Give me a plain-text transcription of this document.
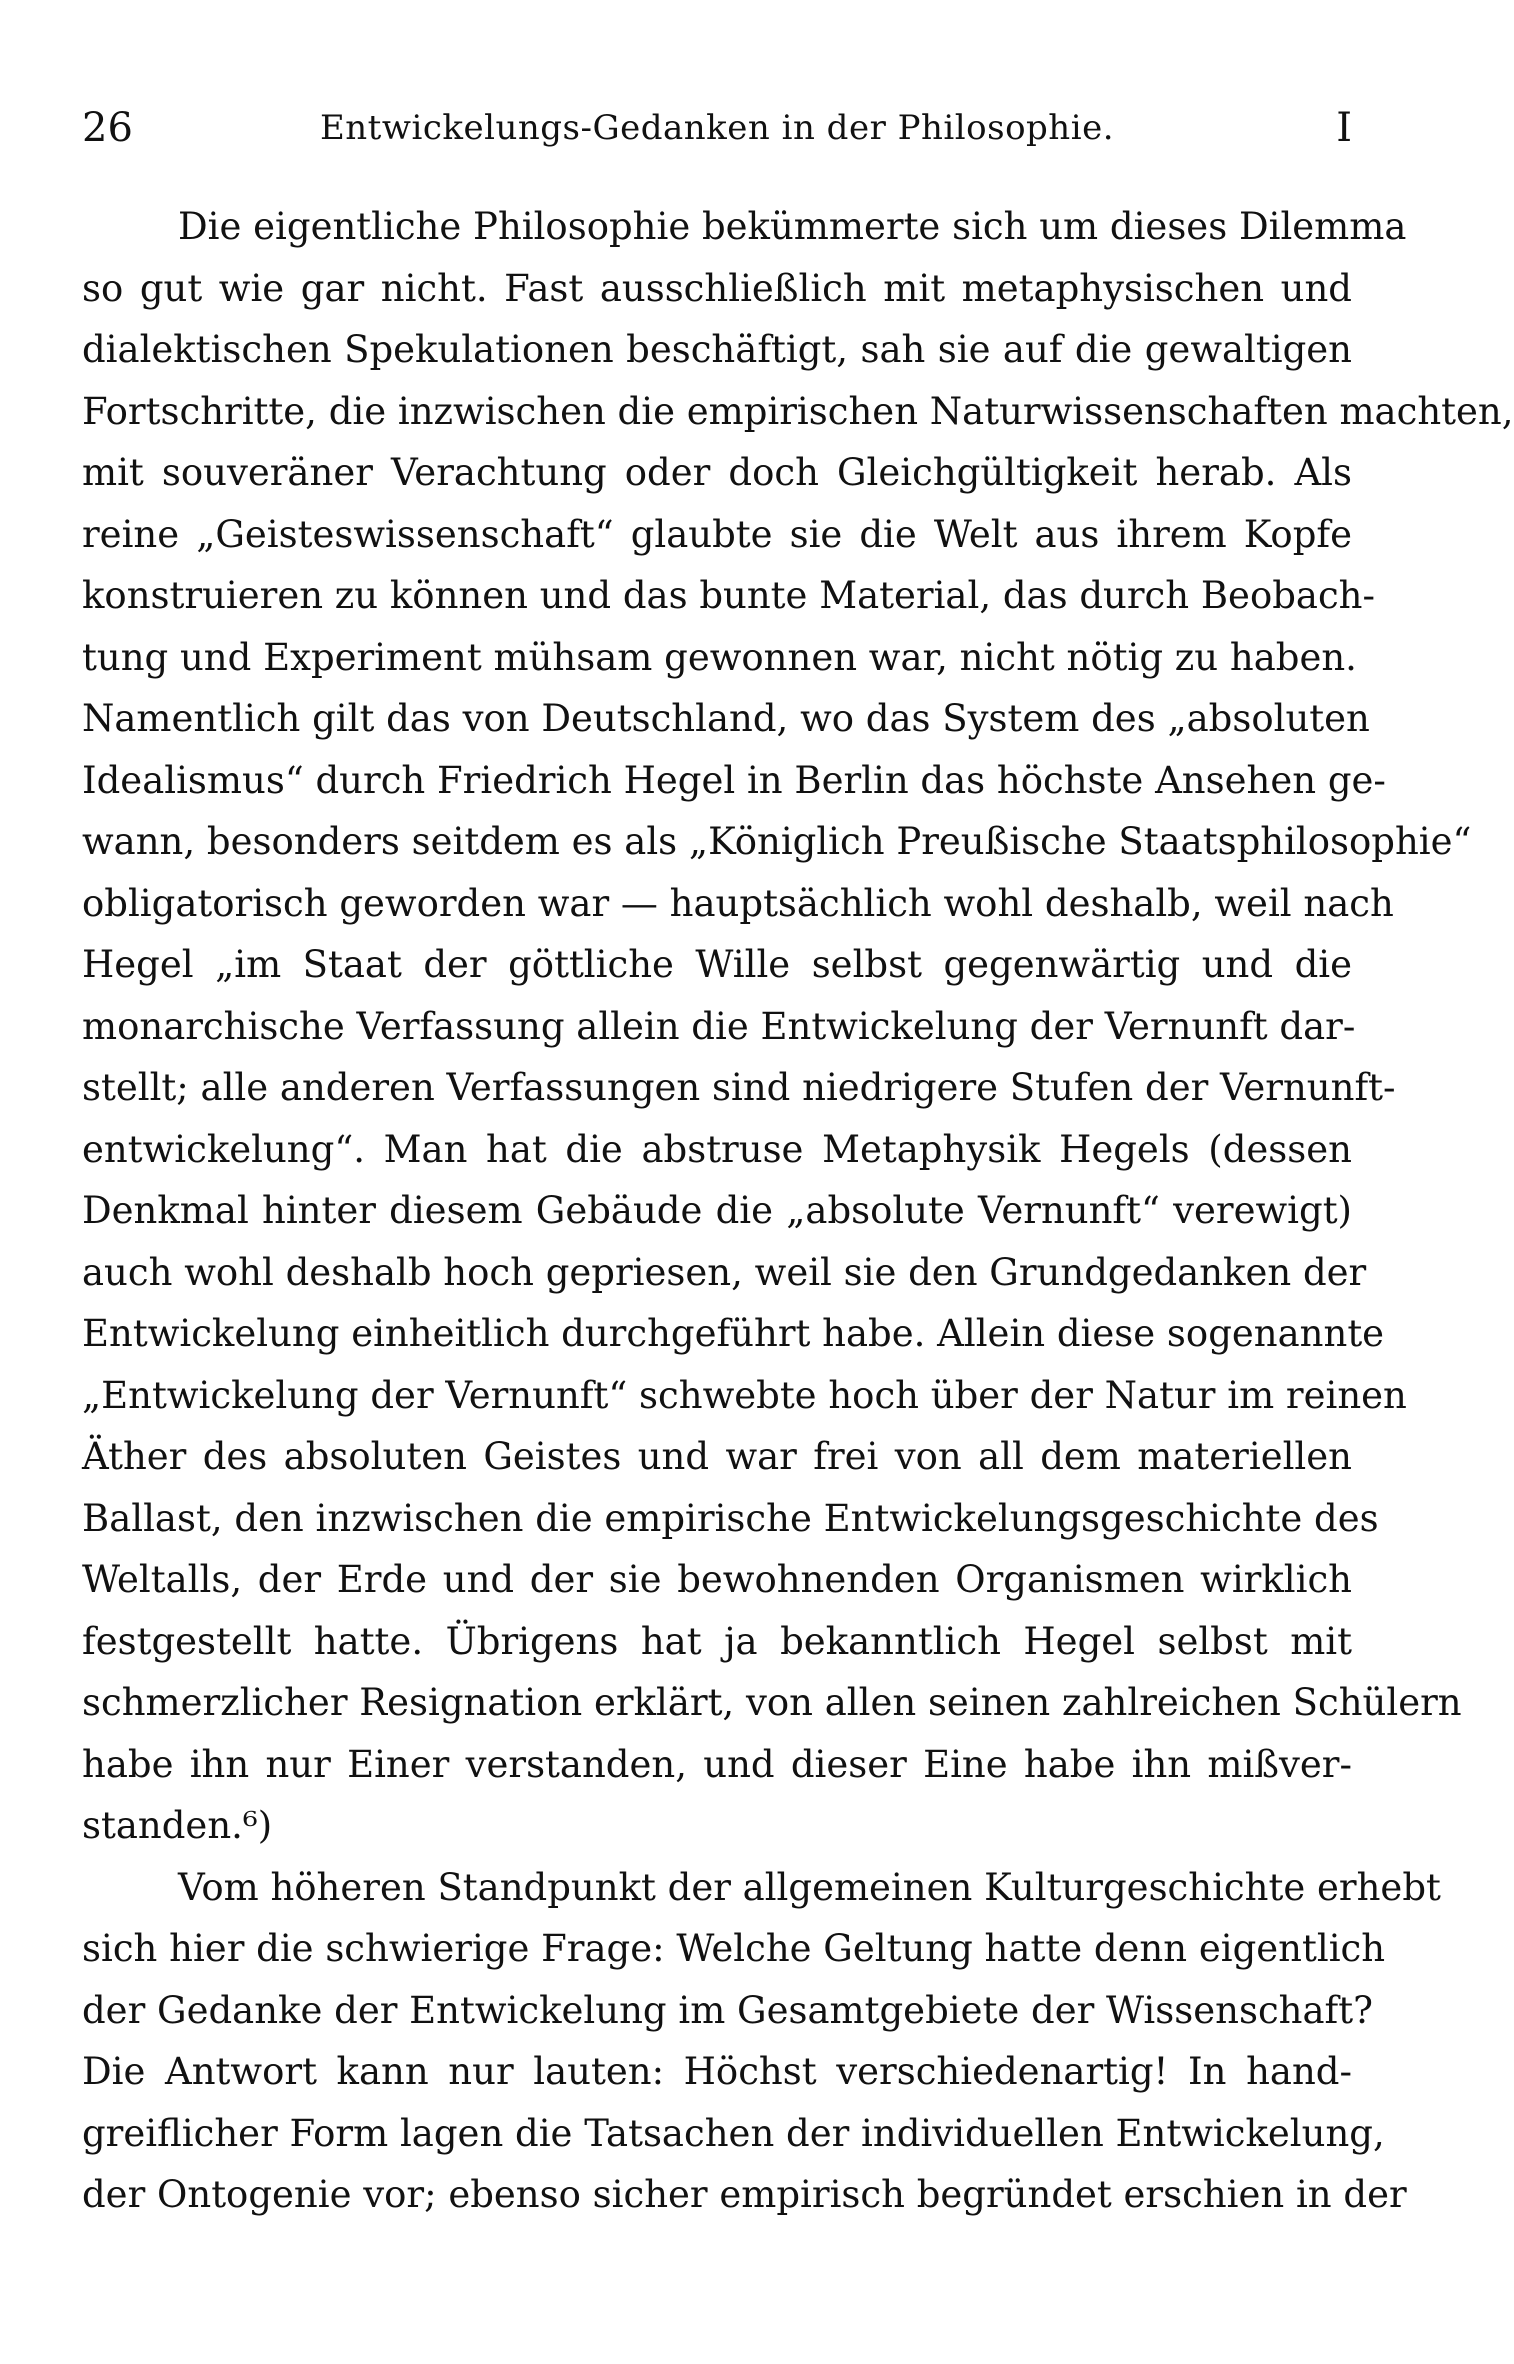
26	Entwickelungs-Gedanken in der Philosophie.	I
Die eigentliche Philosophie bekümmerte sich um dieses Dilemma
so gut wie gar nicht. Fast ausschließlich mit metaphysischen und
dialektischen Spekulationen beschäftigt, sah sie auf die gewaltigen
Fortschritte, die inzwischen die empirischen Naturwissenschaften machten,
mit souveräner Verachtung oder doch Gleichgültigkeit herab. Als
reine „Geisteswissenschaft“ glaubte sie die Welt aus ihrem Kopfe
konstruieren zu können und das bunte Material, das durch Beobach-
tung und Experiment mühsam gewonnen war, nicht nötig zu haben.
Namentlich gilt das von Deutschland, wo das System des „absoluten
Idealismus“ durch Friedrich Hegel in Berlin das höchste Ansehen ge-
wann, besonders seitdem es als „Königlich Preußische Staatsphilosophie“
obligatorisch geworden war — hauptsächlich wohl deshalb, weil nach
Hegel „im Staat der göttliche Wille selbst gegenwärtig und die
monarchische Verfassung allein die Entwickelung der Vernunft dar-
stellt; alle anderen Verfassungen sind niedrigere Stufen der Vernunft-
entwickelung“. Man hat die abstruse Metaphysik Hegels (dessen
Denkmal hinter diesem Gebäude die „absolute Vernunft“ verewigt)
auch wohl deshalb hoch gepriesen, weil sie den Grundgedanken der
Entwickelung einheitlich durchgeführt habe. Allein diese sogenannte
„Entwickelung der Vernunft“ schwebte hoch über der Natur im reinen
Äther des absoluten Geistes und war frei von all dem materiellen
Ballast, den inzwischen die empirische Entwickelungsgeschichte des
Weltalls, der Erde und der sie bewohnenden Organismen wirklich
festgestellt hatte. Übrigens hat ja bekanntlich Hegel selbst mit
schmerzlicher Resignation erklärt, von allen seinen zahlreichen Schülern
habe ihn nur Einer verstanden, und dieser Eine habe ihn mißver-
standen.⁶)
Vom höheren Standpunkt der allgemeinen Kulturgeschichte erhebt
sich hier die schwierige Frage: Welche Geltung hatte denn eigentlich
der Gedanke der Entwickelung im Gesamtgebiete der Wissenschaft?
Die Antwort kann nur lauten: Höchst verschiedenartig! In hand-
greiflicher Form lagen die Tatsachen der individuellen Entwickelung,
der Ontogenie vor; ebenso sicher empirisch begründet erschien in der
